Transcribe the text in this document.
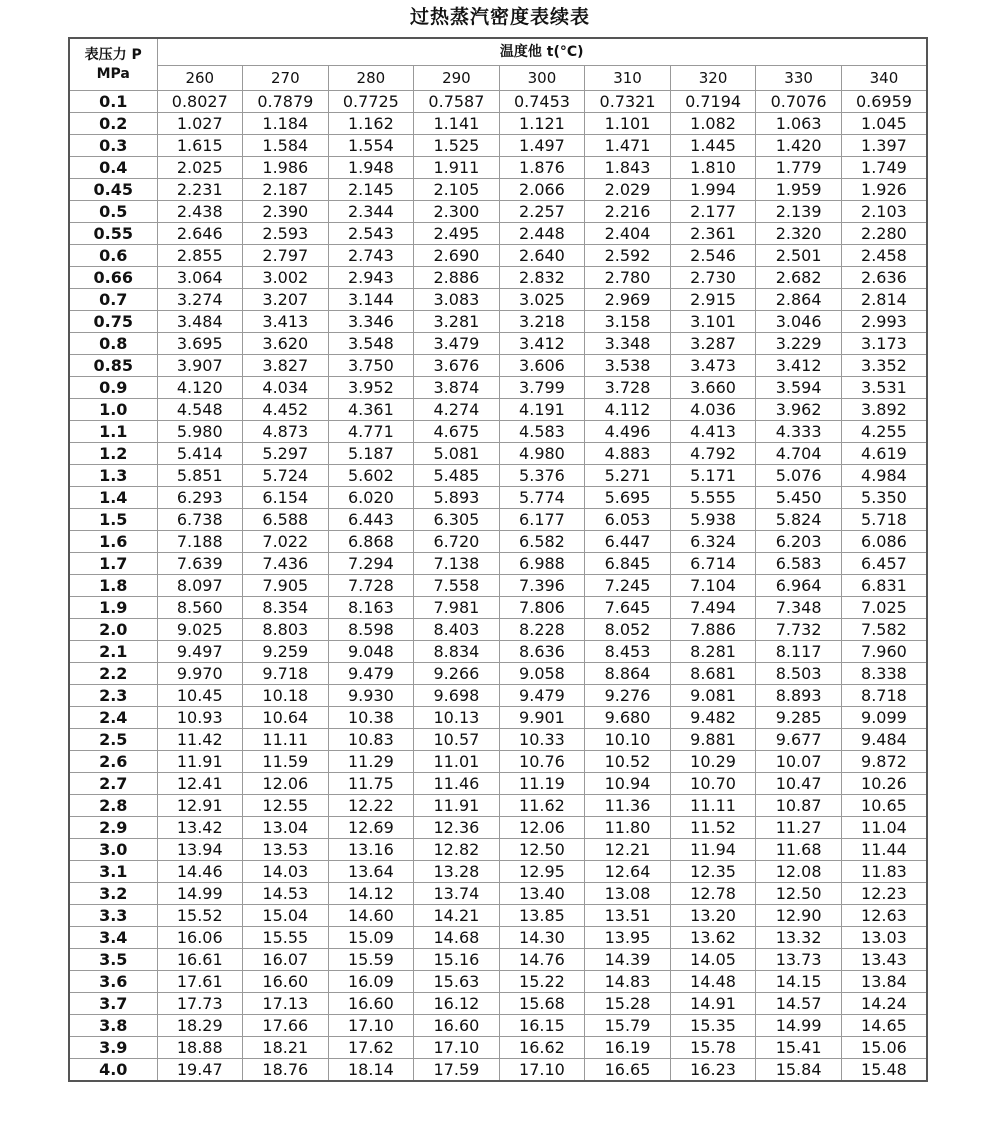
过热蒸汽密度表续表
表压力 P
MPa	温度他 t(°C)								
	260	270	280	290	300	310	320	330	340
0.1	0.8027	0.7879	0.7725	0.7587	0.7453	0.7321	0.7194	0.7076	0.6959
0.2	1.027	1.184	1.162	1.141	1.121	1.101	1.082	1.063	1.045
0.3	1.615	1.584	1.554	1.525	1.497	1.471	1.445	1.420	1.397
0.4	2.025	1.986	1.948	1.911	1.876	1.843	1.810	1.779	1.749
0.45	2.231	2.187	2.145	2.105	2.066	2.029	1.994	1.959	1.926
0.5	2.438	2.390	2.344	2.300	2.257	2.216	2.177	2.139	2.103
0.55	2.646	2.593	2.543	2.495	2.448	2.404	2.361	2.320	2.280
0.6	2.855	2.797	2.743	2.690	2.640	2.592	2.546	2.501	2.458
0.66	3.064	3.002	2.943	2.886	2.832	2.780	2.730	2.682	2.636
0.7	3.274	3.207	3.144	3.083	3.025	2.969	2.915	2.864	2.814
0.75	3.484	3.413	3.346	3.281	3.218	3.158	3.101	3.046	2.993
0.8	3.695	3.620	3.548	3.479	3.412	3.348	3.287	3.229	3.173
0.85	3.907	3.827	3.750	3.676	3.606	3.538	3.473	3.412	3.352
0.9	4.120	4.034	3.952	3.874	3.799	3.728	3.660	3.594	3.531
1.0	4.548	4.452	4.361	4.274	4.191	4.112	4.036	3.962	3.892
1.1	5.980	4.873	4.771	4.675	4.583	4.496	4.413	4.333	4.255
1.2	5.414	5.297	5.187	5.081	4.980	4.883	4.792	4.704	4.619
1.3	5.851	5.724	5.602	5.485	5.376	5.271	5.171	5.076	4.984
1.4	6.293	6.154	6.020	5.893	5.774	5.695	5.555	5.450	5.350
1.5	6.738	6.588	6.443	6.305	6.177	6.053	5.938	5.824	5.718
1.6	7.188	7.022	6.868	6.720	6.582	6.447	6.324	6.203	6.086
1.7	7.639	7.436	7.294	7.138	6.988	6.845	6.714	6.583	6.457
1.8	8.097	7.905	7.728	7.558	7.396	7.245	7.104	6.964	6.831
1.9	8.560	8.354	8.163	7.981	7.806	7.645	7.494	7.348	7.025
2.0	9.025	8.803	8.598	8.403	8.228	8.052	7.886	7.732	7.582
2.1	9.497	9.259	9.048	8.834	8.636	8.453	8.281	8.117	7.960
2.2	9.970	9.718	9.479	9.266	9.058	8.864	8.681	8.503	8.338
2.3	10.45	10.18	9.930	9.698	9.479	9.276	9.081	8.893	8.718
2.4	10.93	10.64	10.38	10.13	9.901	9.680	9.482	9.285	9.099
2.5	11.42	11.11	10.83	10.57	10.33	10.10	9.881	9.677	9.484
2.6	11.91	11.59	11.29	11.01	10.76	10.52	10.29	10.07	9.872
2.7	12.41	12.06	11.75	11.46	11.19	10.94	10.70	10.47	10.26
2.8	12.91	12.55	12.22	11.91	11.62	11.36	11.11	10.87	10.65
2.9	13.42	13.04	12.69	12.36	12.06	11.80	11.52	11.27	11.04
3.0	13.94	13.53	13.16	12.82	12.50	12.21	11.94	11.68	11.44
3.1	14.46	14.03	13.64	13.28	12.95	12.64	12.35	12.08	11.83
3.2	14.99	14.53	14.12	13.74	13.40	13.08	12.78	12.50	12.23
3.3	15.52	15.04	14.60	14.21	13.85	13.51	13.20	12.90	12.63
3.4	16.06	15.55	15.09	14.68	14.30	13.95	13.62	13.32	13.03
3.5	16.61	16.07	15.59	15.16	14.76	14.39	14.05	13.73	13.43
3.6	17.61	16.60	16.09	15.63	15.22	14.83	14.48	14.15	13.84
3.7	17.73	17.13	16.60	16.12	15.68	15.28	14.91	14.57	14.24
3.8	18.29	17.66	17.10	16.60	16.15	15.79	15.35	14.99	14.65
3.9	18.88	18.21	17.62	17.10	16.62	16.19	15.78	15.41	15.06
4.0	19.47	18.76	18.14	17.59	17.10	16.65	16.23	15.84	15.48
